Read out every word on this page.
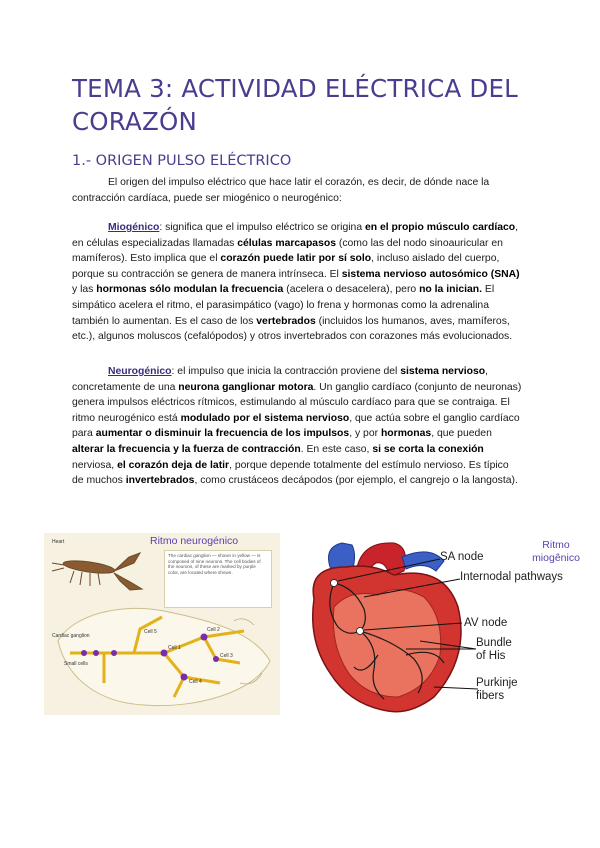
TEMA 3: ACTIVIDAD ELÉCTRICA DEL CORAZÓN
1.- ORIGEN PULSO ELÉCTRICO

El origen del impulso eléctrico que hace latir el corazón, es decir, de dónde nace la contracción cardíaca, puede ser miogénico o neurogénico:

Miogénico: significa que el impulso eléctrico se origina en el propio músculo cardíaco, en células especializadas llamadas células marcapasos (como las del nodo sinoauricular en mamíferos). Esto implica que el corazón puede latir por sí solo, incluso aislado del cuerpo, porque su contracción se genera de manera intrínseca. El sistema nervioso autosómico (SNA) y las hormonas sólo modulan la frecuencia (acelera o desacelera), pero no la inician. El simpático acelera el ritmo, el parasimpático (vago) lo frena y hormonas como la adrenalina también lo aumentan. Es el caso de los vertebrados (incluidos los humanos, aves, mamíferos, etc.), algunos moluscos (cefalópodos) y otros invertebrados con corazones más evolucionados.

Neurogénico: el impulso que inicia la contracción proviene del sistema nervioso, concretamente de una neurona ganglionar motora. Un ganglio cardíaco (conjunto de neuronas) genera impulsos eléctricos rítmicos, estimulando al músculo cardíaco para que se contraiga. El ritmo neurogénico está modulado por el sistema nervioso, que actúa sobre el ganglio cardíaco para aumentar o disminuir la frecuencia de los impulsos, y por hormonas, que pueden alterar la frecuencia y la fuerza de contracción. En este caso, si se corta la conexión nerviosa, el corazón deja de latir, porque depende totalmente del estímulo nervioso. Es típico de muchos invertebrados, como crustáceos decápodos (por ejemplo, el cangrejo o la langosta).

Ritmo neurogénico
The cardiac ganglion — shown in yellow — is composed of nine neurons. The cell bodies of the neurons, of these are marked by purple color, are located where shown.
Heart
Cardiac ganglion
Small cells
Cell 1
Cell 2
Cell 3
Cell 4
Cell 5
SA node
Internodal pathways
AV node
Bundle of His
Purkinje fibers
Ritmo miogênico
